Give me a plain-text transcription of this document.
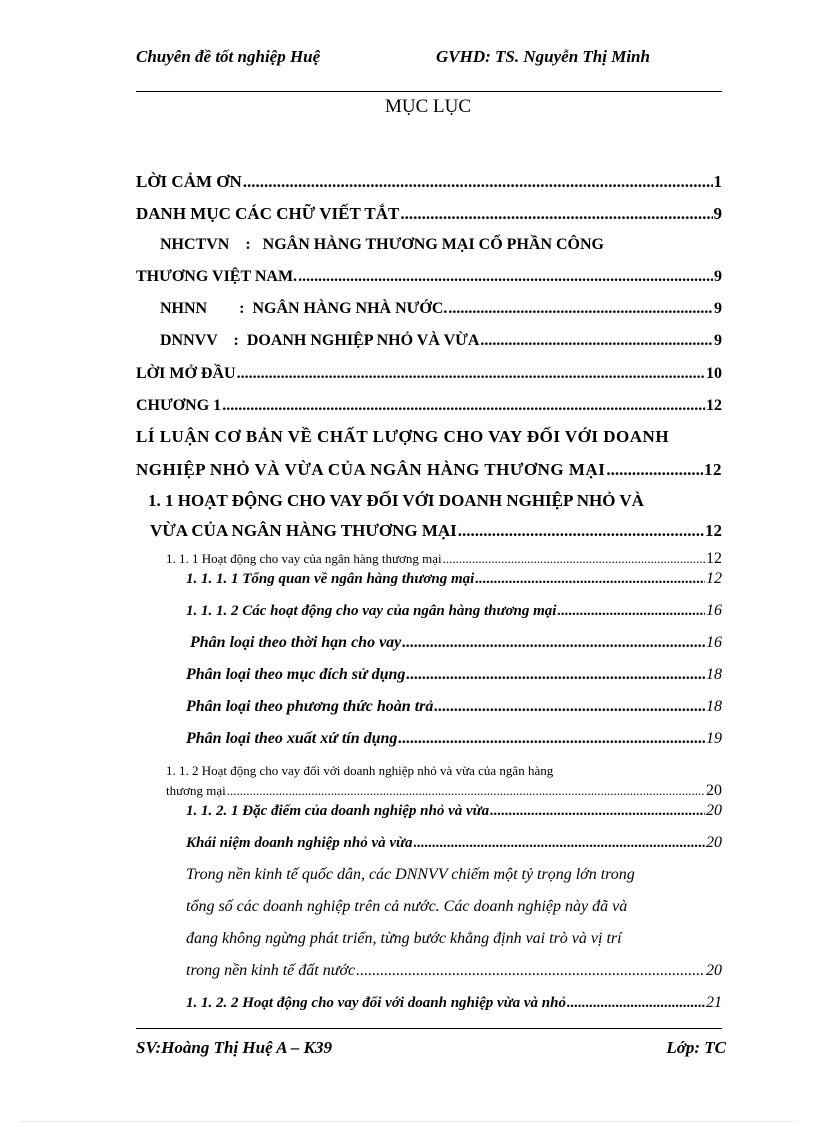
Chuyên đề tốt nghiệp Huệ	GVHD: TS. Nguyễn Thị Minh
MỤC LỤC
LỜI CẢM ƠN .....	1
DANH MỤC CÁC CHỮ VIẾT TẮT .....	9
NHCTVN    :   NGÂN HÀNG THƯƠNG MẠI CỔ PHẦN CÔNG
THƯƠNG VIỆT NAM. .....	9
NHNN        :  NGÂN HÀNG NHÀ NƯỚC. .....	9
DNNVV    :  DOANH NGHIỆP NHỎ VÀ VỪA .....	9
LỜI MỞ ĐẦU .....	10
CHƯƠNG 1 .....	12
LÍ LUẬN CƠ BẢN VỀ CHẤT LƯỢNG CHO VAY ĐỐI VỚI DOANH
NGHIỆP NHỎ VÀ VỪA CỦA NGÂN HÀNG THƯƠNG MẠI .....	12
1. 1 HOẠT ĐỘNG CHO VAY ĐỐI VỚI DOANH NGHIỆP NHỎ VÀ
VỪA CỦA NGÂN HÀNG THƯƠNG MẠI .....	12
1. 1. 1 Hoạt động cho vay của ngân hàng thương mại .....	12
1. 1. 1. 1 Tổng quan về ngân hàng thương mại .....	12
1. 1. 1. 2 Các hoạt động cho vay của ngân hàng thương mại .....	16
Phân loại theo thời hạn cho vay .....	16
Phân loại theo mục đích sử dụng .....	18
Phân loại theo phương thức hoàn trả .....	18
Phân loại theo xuất xứ tín dụng .....	19
1. 1. 2 Hoạt động cho vay đối với doanh nghiệp nhỏ và vừa của ngân hàng
thương mại .....	20
1. 1. 2. 1 Đặc điểm của doanh nghiệp nhỏ và vừa .....	20
Khái niệm doanh nghiệp nhỏ và vừa .....	20
Trong nền kinh tế quốc dân, các DNNVV chiếm một tỷ trọng lớn trong
tổng số các doanh nghiệp trên cả nước. Các doanh nghiệp này đã và
đang không ngừng phát triển, từng bước khẳng định vai trò và vị trí
trong nền kinh tế đất nước .....	20
1. 1. 2. 2 Hoạt động cho vay đối với doanh nghiệp vừa và nhỏ .....	21
SV:Hoàng Thị Huệ A – K39	Lớp: TC
